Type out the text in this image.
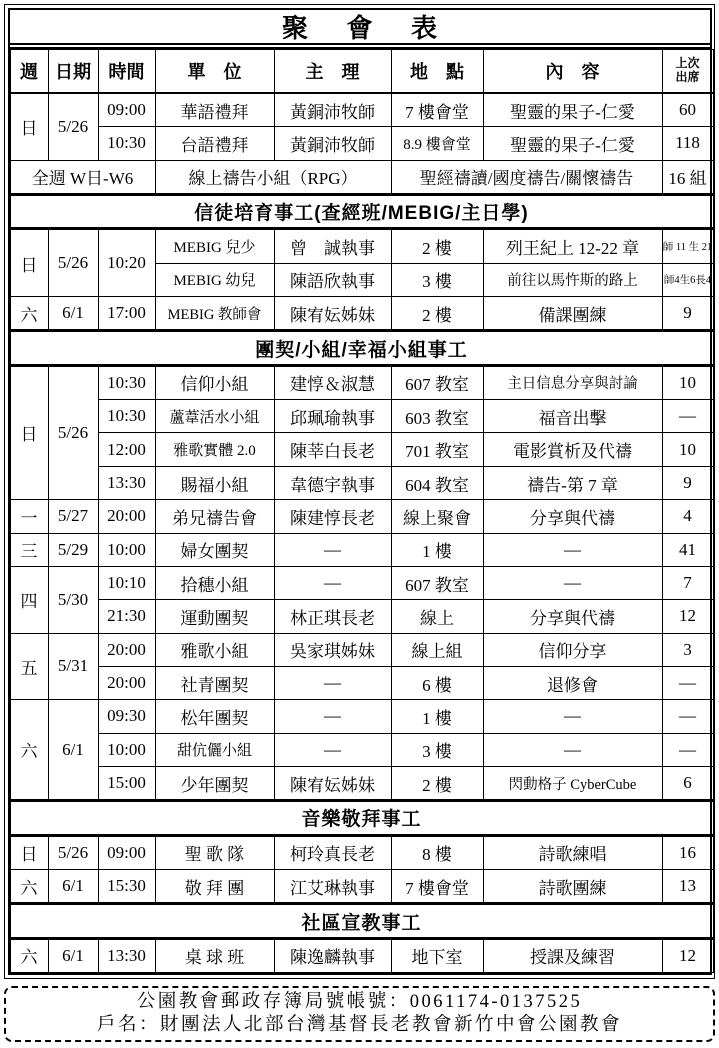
聚 會 表
週	日期	時間	單　位	主　理	地　點	內　容	上次
出席

日	5/26	09:00	華語禮拜	黃銅沛牧師	7 樓會堂	聖靈的果子-仁愛	60
		10:30	台語禮拜	黃銅沛牧師	8.9 樓會堂	聖靈的果子-仁愛	118
全週 W日-W6			線上禱告小組（RPG）		聖經禱讀/國度禱告/關懷禱告		16 組
信徒培育事工(查經班/MEBIG/主日學)							
日	5/26	10:20	MEBIG 兒少	曾　誠執事	2 樓	列王紀上 12-22 章	師 11 生 21
			MEBIG 幼兒	陳語欣執事	3 樓	前往以馬忤斯的路上	師4生6長4
六	6/1	17:00	MEBIG 教師會	陳宥妘姊妹	2 樓	備課團練	9
團契/小組/幸福小組事工							
日	5/26	10:30	信仰小組	建惇＆淑慧	607 教室	主日信息分享與討論	10
		10:30	蘆葦活水小組	邱珮瑜執事	603 教室	福音出擊	—
		12:00	雅歌實體 2.0	陳莘白長老	701 教室	電影賞析及代禱	10
		13:30	賜福小組	韋德宇執事	604 教室	禱告-第 7 章	9
一	5/27	20:00	弟兄禱告會	陳建惇長老	線上聚會	分享與代禱	4
三	5/29	10:00	婦女團契	—	1 樓	—	41
四	5/30	10:10	拾穗小組	—	607 教室	—	7
		21:30	運動團契	林正琪長老	線上	分享與代禱	12
五	5/31	20:00	雅歌小組	吳家琪姊妹	線上組	信仰分享	3
		20:00	社青團契	—	6 樓	退修會	—
六	6/1	09:30	松年團契	—	1 樓	—	—
		10:00	甜伉儷小組	—	3 樓	—	—
		15:00	少年團契	陳宥妘姊妹	2 樓	閃動格子 CyberCube	6
音樂敬拜事工							
日	5/26	09:00	聖 歌 隊	柯玲真長老	8 樓	詩歌練唱	16
六	6/1	15:30	敬 拜 團	江艾琳執事	7 樓會堂	詩歌團練	13
社區宣教事工							
六	6/1	13:30	桌 球 班	陳逸麟執事	地下室	授課及練習	12
公園教會郵政存簿局號帳號：0061174-0137525
戶名：財團法人北部台灣基督長老教會新竹中會公園教會
